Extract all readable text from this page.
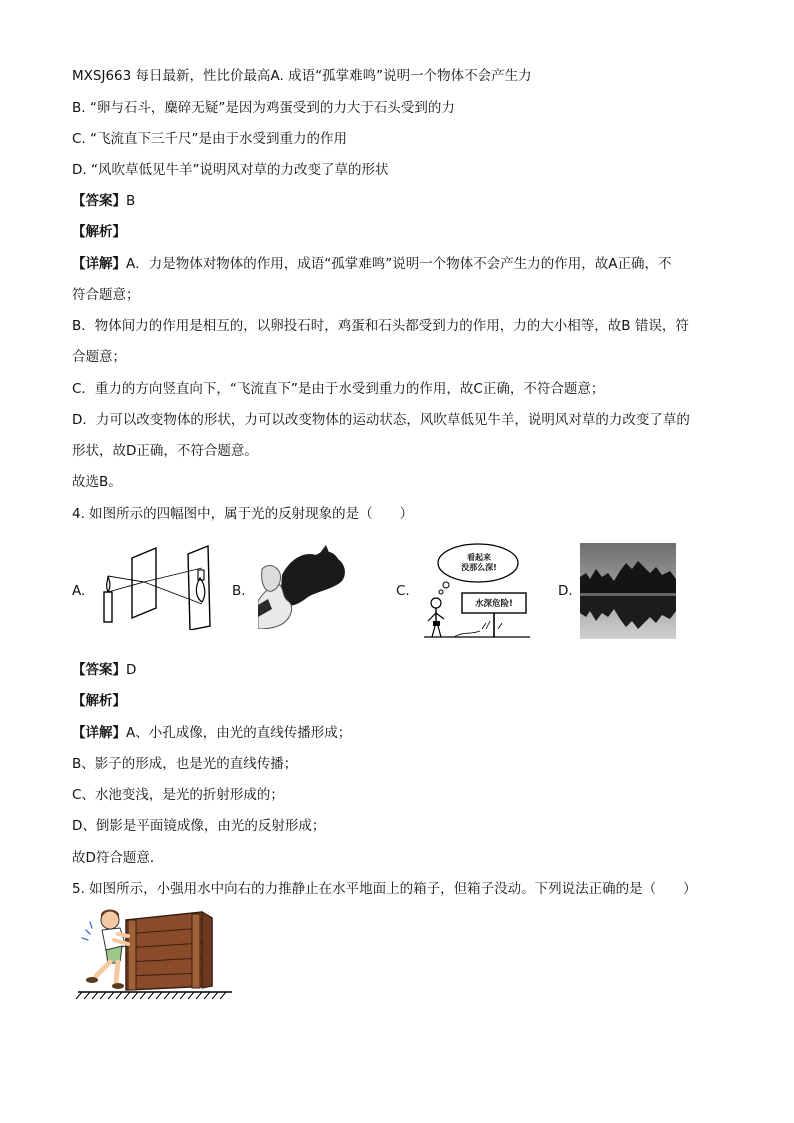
MXSJ663 每日最新，性比价最高A. 成语“孤掌难鸣”说明一个物体不会产生力
B. “卵与石斗，麋碎无疑”是因为鸡蛋受到的力大于石头受到的力
C. “飞流直下三千尺”是由于水受到重力的作用
D. “风吹草低见牛羊”说明风对草的力改变了草的形状
【答案】B
【解析】
【详解】A．力是物体对物体的作用，成语“孤掌难鸣”说明一个物体不会产生力的作用，故A正确，不
符合题意；
B．物体间力的作用是相互的，以卵投石时，鸡蛋和石头都受到力的作用，力的大小相等，故B 错误，符
合题意；
C．重力的方向竖直向下，“飞流直下”是由于水受到重力的作用，故C正确，不符合题意；
D．力可以改变物体的形状，力可以改变物体的运动状态，风吹草低见牛羊，说明风对草的力改变了草的
形状，故D正确，不符合题意。
故选B。
4. 如图所示的四幅图中，属于光的反射现象的是（　　）
A.	B.	C.
看起来
没那么深!
水深危险!
D.
【答案】D
【解析】
【详解】A、小孔成像，由光的直线传播形成；
B、影子的形成，也是光的直线传播；
C、水池变浅，是光的折射形成的；
D、倒影是平面镜成像，由光的反射形成；
故D符合题意．
5. 如图所示，小强用水中向右的力推静止在水平地面上的箱子，但箱子没动。下列说法正确的是（　　）
